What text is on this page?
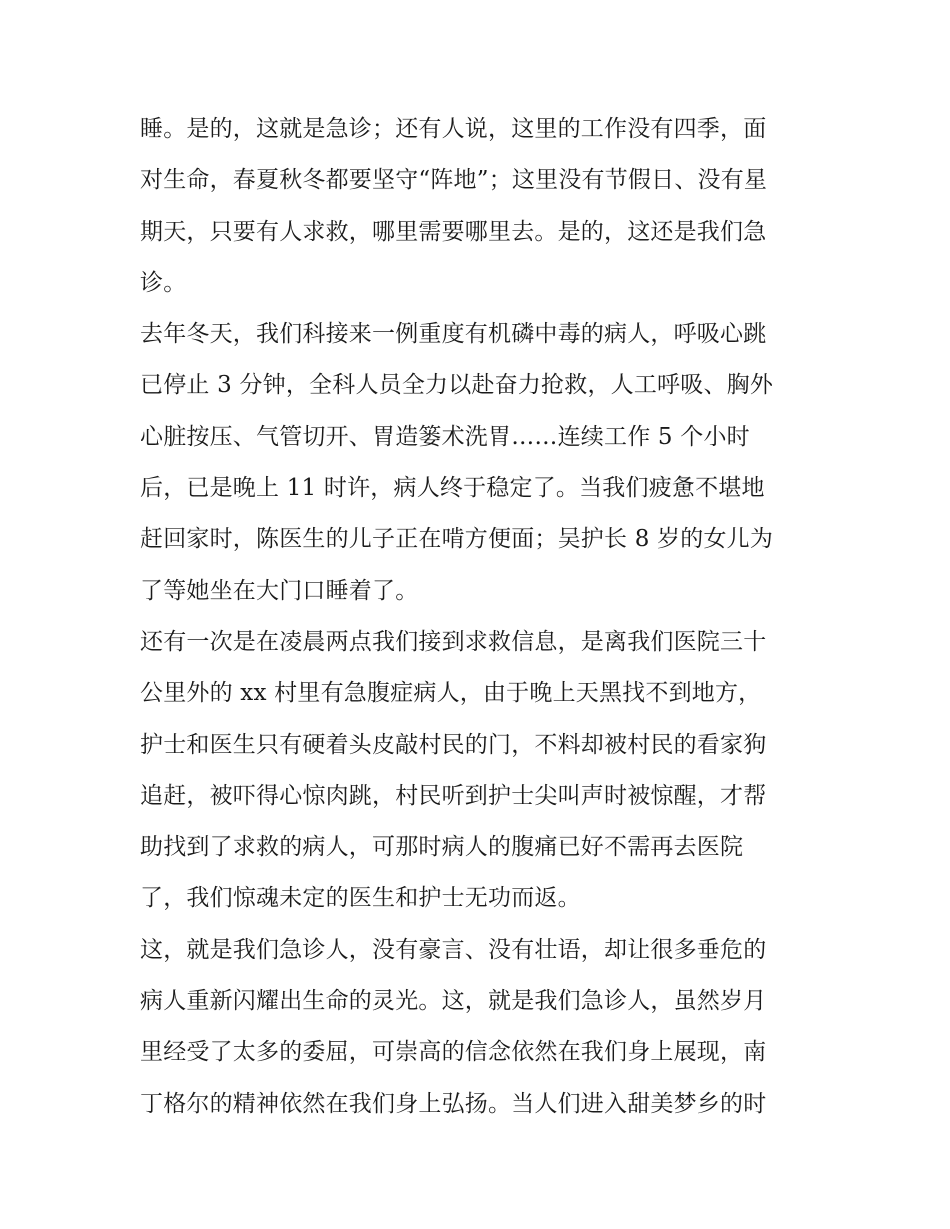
睡。是的，这就是急诊；还有人说，这里的工作没有四季，面
对生命，春夏秋冬都要坚守“阵地”；这里没有节假日、没有星
期天，只要有人求救，哪里需要哪里去。是的，这还是我们急
诊。
去年冬天，我们科接来一例重度有机磷中毒的病人，呼吸心跳
已停止 3 分钟，全科人员全力以赴奋力抢救，人工呼吸、胸外
心脏按压、气管切开、胃造篓术洗胃……连续工作 5 个小时
后，已是晚上 11 时许，病人终于稳定了。当我们疲惫不堪地
赶回家时，陈医生的儿子正在啃方便面；吴护长 8 岁的女儿为
了等她坐在大门口睡着了。
还有一次是在凌晨两点我们接到求救信息，是离我们医院三十
公里外的 xx 村里有急腹症病人，由于晚上天黑找不到地方，
护士和医生只有硬着头皮敲村民的门，不料却被村民的看家狗
追赶，被吓得心惊肉跳，村民听到护士尖叫声时被惊醒，才帮
助找到了求救的病人，可那时病人的腹痛已好不需再去医院
了，我们惊魂未定的医生和护士无功而返。
这，就是我们急诊人，没有豪言、没有壮语，却让很多垂危的
病人重新闪耀出生命的灵光。这，就是我们急诊人，虽然岁月
里经受了太多的委屈，可崇高的信念依然在我们身上展现，南
丁格尔的精神依然在我们身上弘扬。当人们进入甜美梦乡的时
